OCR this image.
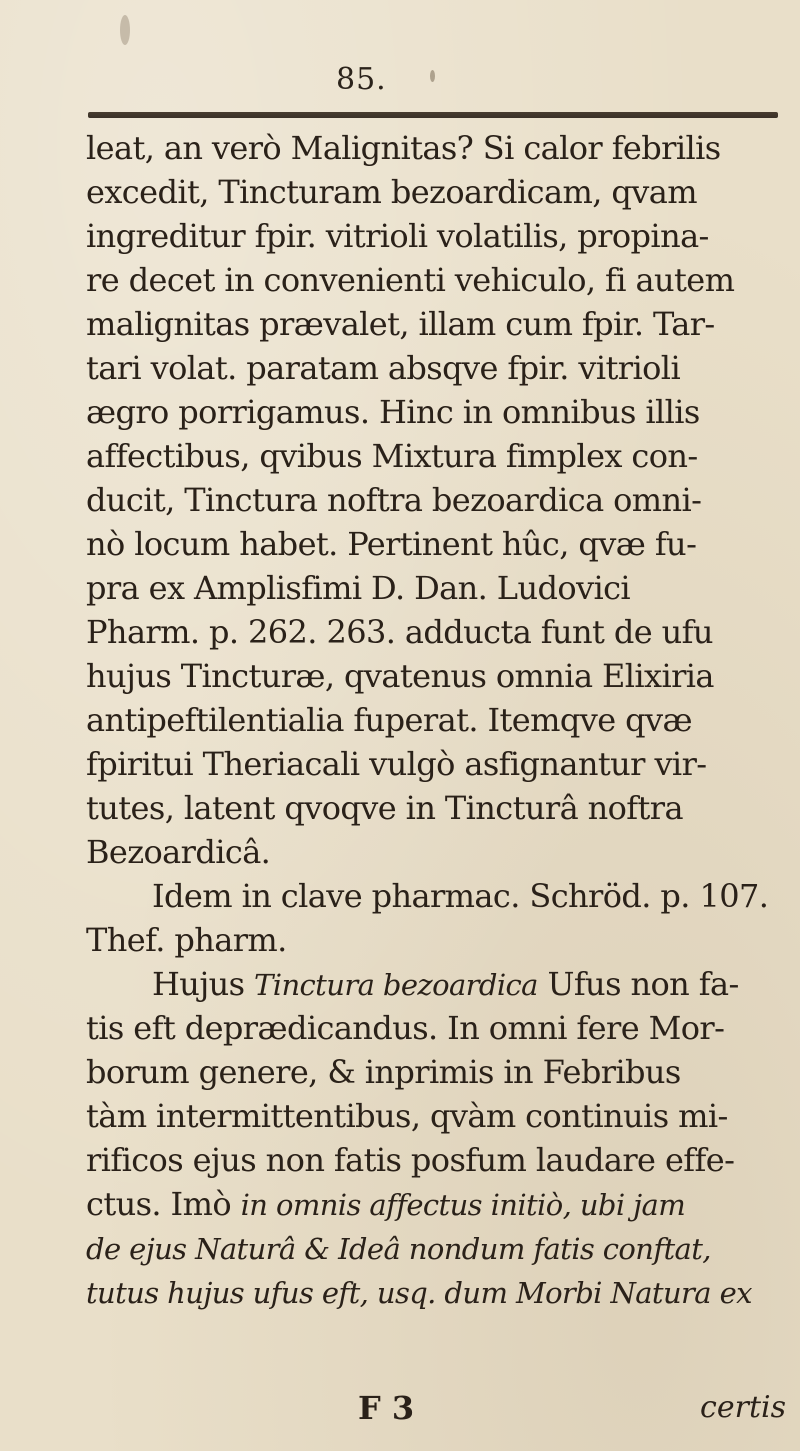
85.
leat, an verò Malignitas? Si calor febrilis
excedit, Tincturam bezoardicam, qvam
ingreditur fpir. vitrioli volatilis, propina-
re decet in convenienti vehiculo, fi autem
malignitas prævalet, illam cum fpir. Tar-
tari volat. paratam absqve fpir. vitrioli
ægro porrigamus. Hinc in omnibus illis
affectibus, qvibus Mixtura fimplex con-
ducit, Tinctura noftra bezoardica omni-
nò locum habet. Pertinent hûc, qvæ fu-
pra ex Amplisfimi D. Dan. Ludovici
Pharm. p. 262. 263. adducta funt de ufu
hujus Tincturæ, qvatenus omnia Elixiria
antipeftilentialia fuperat. Itemqve qvæ
fpiritui Theriacali vulgò asfignantur vir-
tutes, latent qvoqve in Tincturâ noftra
Bezoardicâ.
Idem in clave pharmac. Schröd. p. 107.
Thef. pharm.
Hujus Tinctura bezoardica Ufus non fa-
tis eft deprædicandus. In omni fere Mor-
borum genere, & inprimis in Febribus
tàm intermittentibus, qvàm continuis mi-
rificos ejus non fatis posfum laudare effe-
ctus. Imò in omnis affectus initiò, ubi jam
de ejus Naturâ & Ideâ nondum fatis conftat,
tutus hujus ufus eft, usq. dum Morbi Natura ex
F 3	certis
